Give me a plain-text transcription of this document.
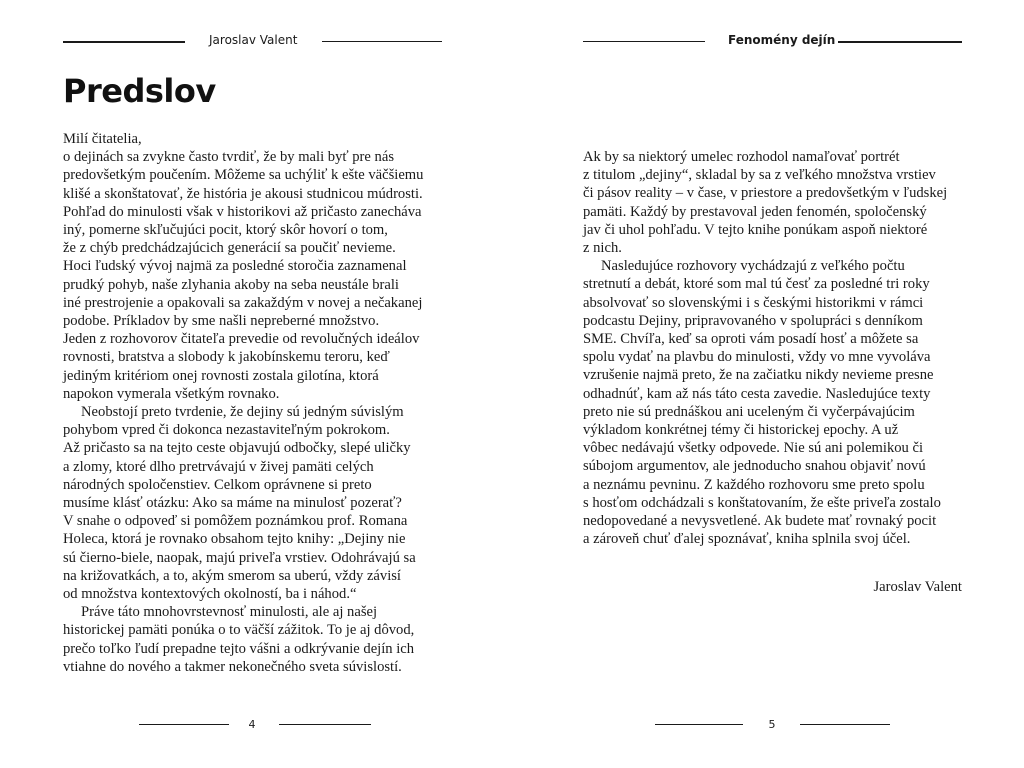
Jaroslav Valent
Predslov
Milí čitatelia,
o dejinách sa zvykne často tvrdiť, že by mali byť pre nás
predovšetkým poučením. Môžeme sa uchýliť k ešte väčšiemu
klišé a skonštatovať, že história je akousi studnicou múdrosti.
Pohľad do minulosti však v historikovi až pričasto zanecháva
iný, pomerne skľučujúci pocit, ktorý skôr hovorí o tom,
že z chýb predchádzajúcich generácií sa poučiť nevieme.
Hoci ľudský vývoj najmä za posledné storočia zaznamenal
prudký pohyb, naše zlyhania akoby na seba neustále brali
iné prestrojenie a opakovali sa zakaždým v novej a nečakanej
podobe. Príkladov by sme našli nepreberné množstvo.
Jeden z rozhovorov čitateľa prevedie od revolučných ideálov
rovnosti, bratstva a slobody k jakobínskemu teroru, keď
jediným kritériom onej rovnosti zostala gilotína, ktorá
napokon vymerala všetkým rovnako.
Neobstojí preto tvrdenie, že dejiny sú jedným súvislým
pohybom vpred či dokonca nezastaviteľným pokrokom.
Až pričasto sa na tejto ceste objavujú odbočky, slepé uličky
a zlomy, ktoré dlho pretrvávajú v živej pamäti celých
národných spoločenstiev. Celkom oprávnene si preto
musíme klásť otázku: Ako sa máme na minulosť pozerať?
V snahe o odpoveď si pomôžem poznámkou prof. Romana
Holeca, ktorá je rovnako obsahom tejto knihy: „Dejiny nie
sú čierno-biele, naopak, majú priveľa vrstiev. Odohrávajú sa
na križovatkách, a to, akým smerom sa uberú, vždy závisí
od množstva kontextových okolností, ba i náhod.“
Práve táto mnohovrstevnosť minulosti, ale aj našej
historickej pamäti ponúka o to väčší zážitok. To je aj dôvod,
prečo toľko ľudí prepadne tejto vášni a odkrývanie dejín ich
vtiahne do nového a takmer nekonečného sveta súvislostí.
4
Fenomény dejín
Ak by sa niektorý umelec rozhodol namaľovať portrét
z titulom „dejiny“, skladal by sa z veľkého množstva vrstiev
či pásov reality – v čase, v priestore a predovšetkým v ľudskej
pamäti. Každý by prestavoval jeden fenomén, spoločenský
jav či uhol pohľadu. V tejto knihe ponúkam aspoň niektoré
z nich.
Nasledujúce rozhovory vychádzajú z veľkého počtu
stretnutí a debát, ktoré som mal tú česť za posledné tri roky
absolvovať so slovenskými i s českými historikmi v rámci
podcastu Dejiny, pripravovaného v spolupráci s denníkom
SME. Chvíľa, keď sa oproti vám posadí hosť a môžete sa
spolu vydať na plavbu do minulosti, vždy vo mne vyvoláva
vzrušenie najmä preto, že na začiatku nikdy nevieme presne
odhadnúť, kam až nás táto cesta zavedie. Nasledujúce texty
preto nie sú prednáškou ani uceleným či vyčerpávajúcim
výkladom konkrétnej témy či historickej epochy. A už
vôbec nedávajú všetky odpovede. Nie sú ani polemikou či
súbojom argumentov, ale jednoducho snahou objaviť novú
a neznámu pevninu. Z každého rozhovoru sme preto spolu
s hosťom odchádzali s konštatovaním, že ešte priveľa zostalo
nedopovedané a nevysvetlené. Ak budete mať rovnaký pocit
a zároveň chuť ďalej spoznávať, kniha splnila svoj účel.
Jaroslav Valent
5
